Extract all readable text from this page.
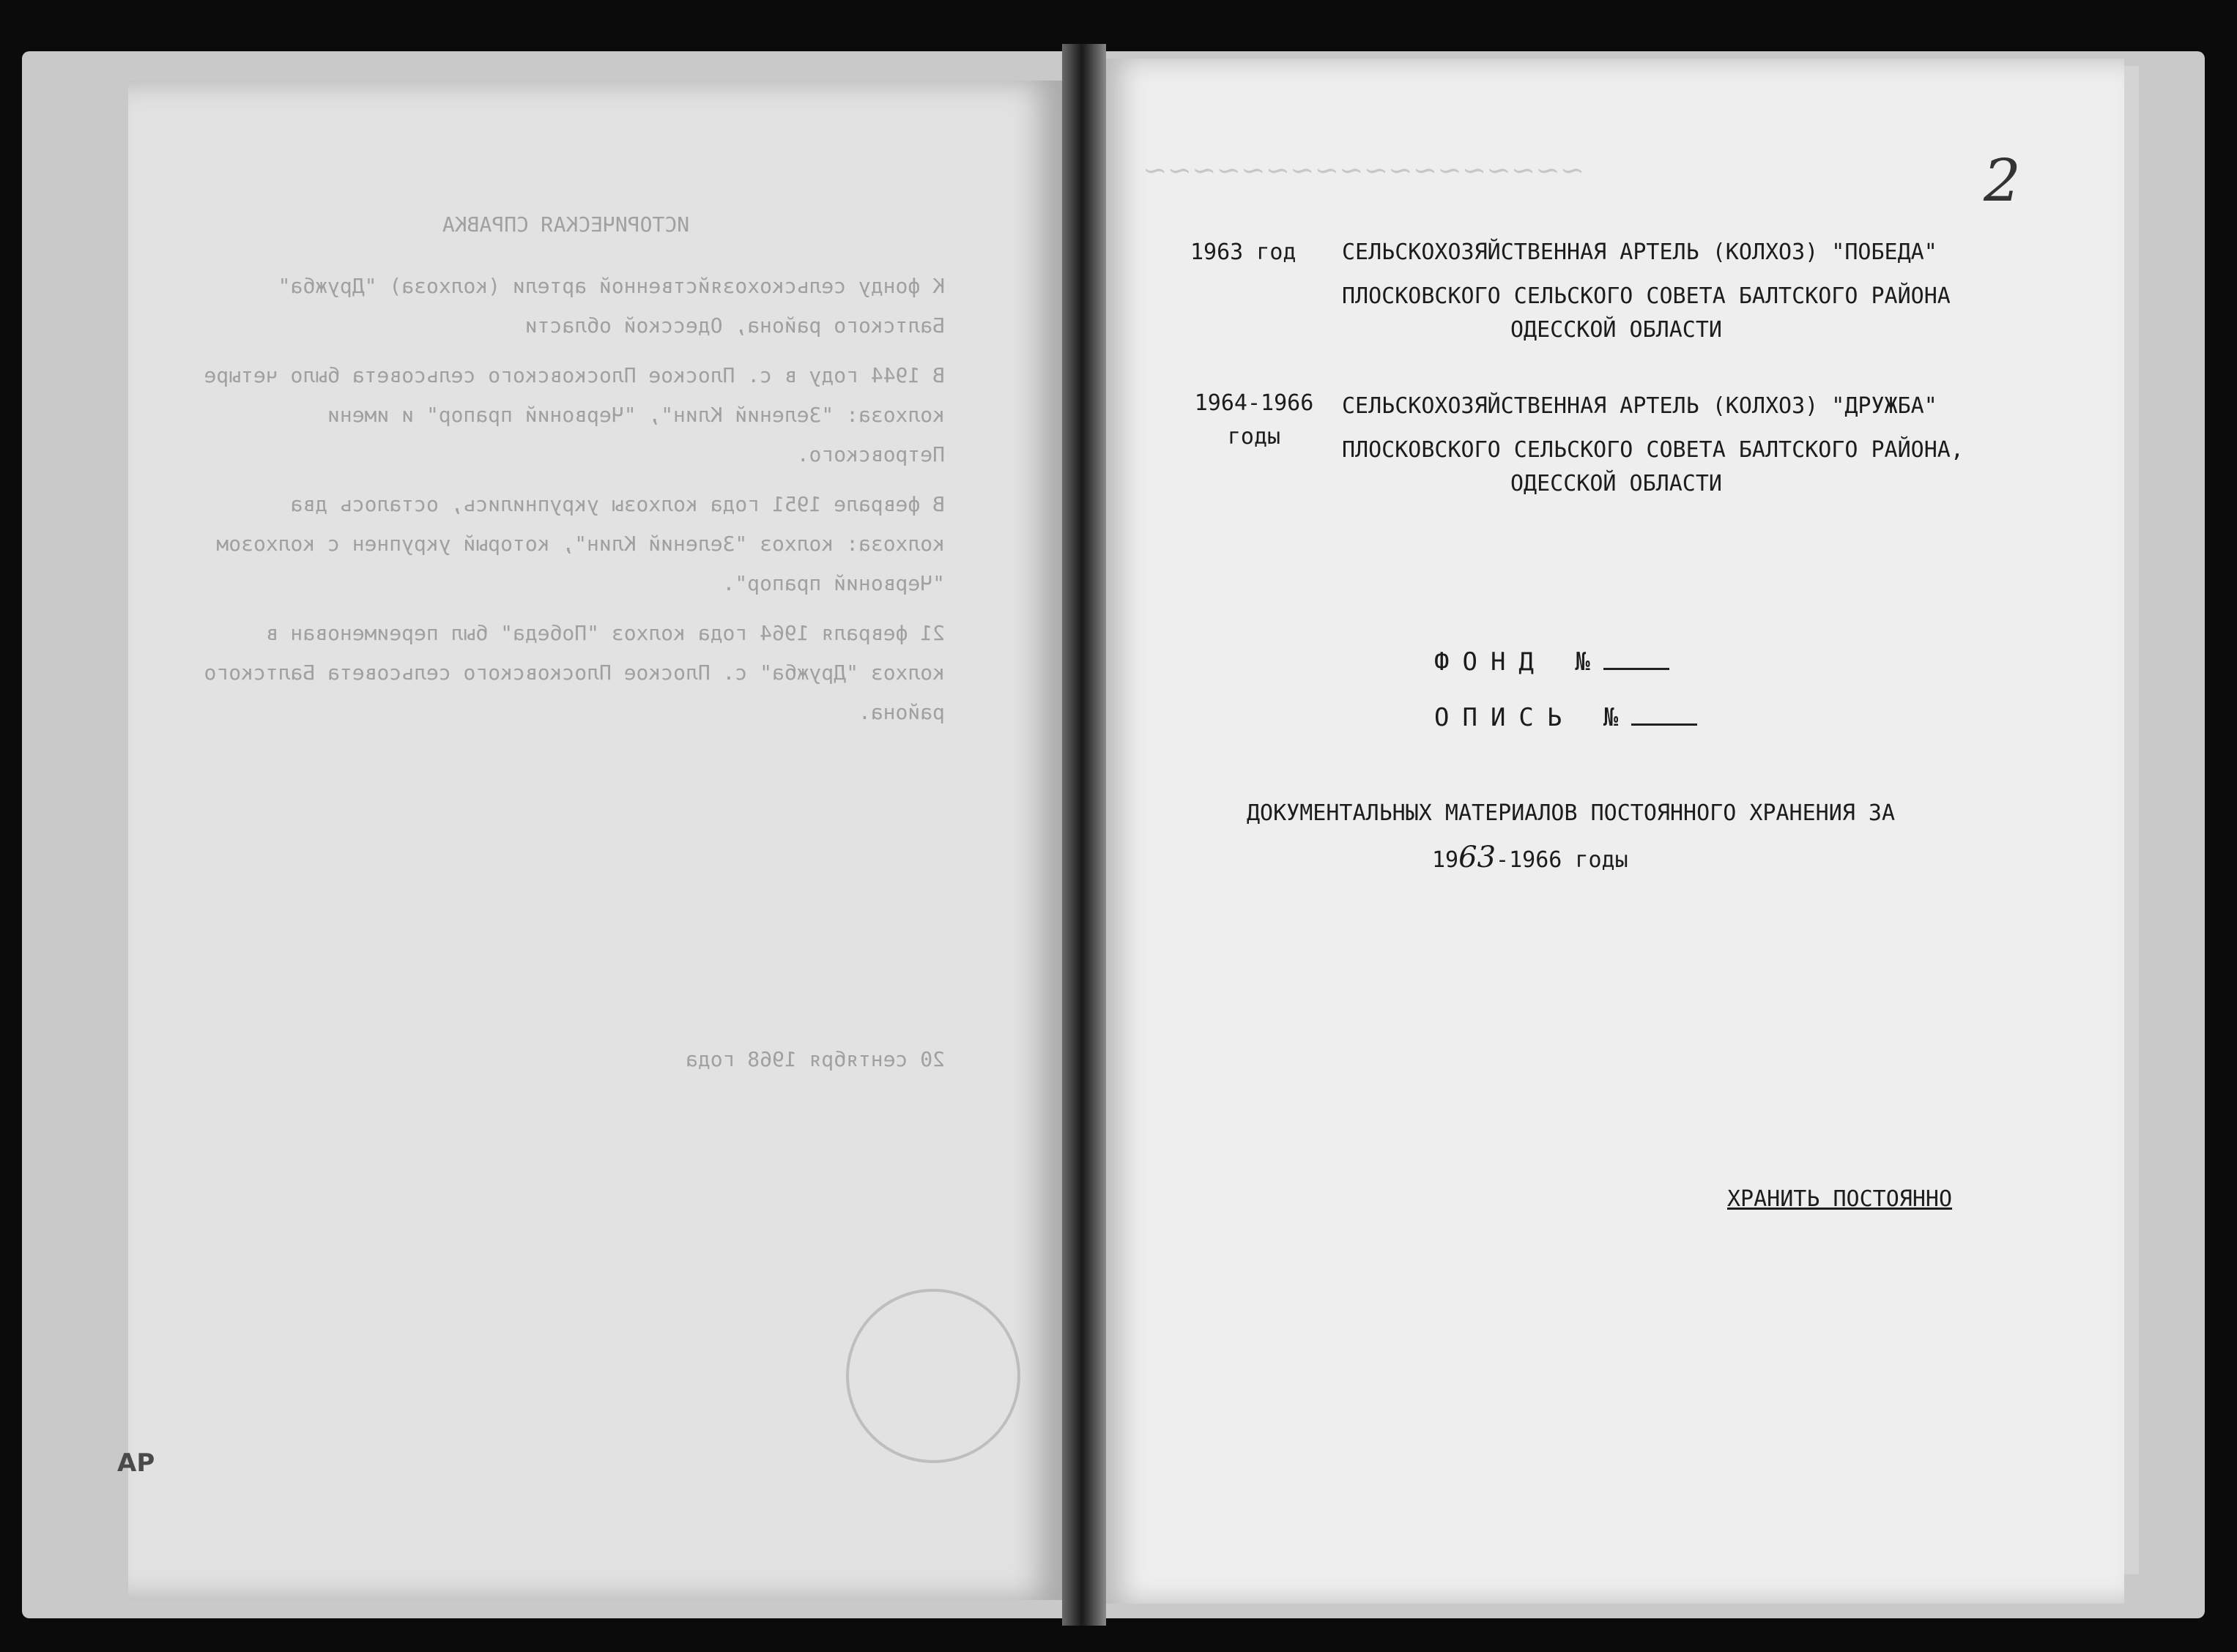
ИСТОРИЧЕСКАЯ СПРАВКА

К фонду сельскохозяйственной артели (колхоза) "Дружба" Балтского района, Одесской области

В 1944 году в с. Плоское Плосковского сельсовета было четыре колхоза: "Зелений Клин", "Червоний прапор" и имени Петровского.

В феврале 1951 года колхозы укрупнились, осталось два колхоза: колхоз "Зелений Клин", который укрупнен с колхозом "Червоний прапор".

21 февраля 1964 года колхоз "Победа" был переименован в колхоз "Дружба" с. Плоское Плосковского сельсовета Балтского района.

20 сентября 1968 года

АР
2
∽∽∽∽∽∽∽∽∽∽∽∽∽∽∽∽∽∽
1963 год СЕЛЬСКОХОЗЯЙСТВЕННАЯ АРТЕЛЬ (КОЛХОЗ) "ПОБЕДА"
ПЛОСКОВСКОГО СЕЛЬСКОГО СОВЕТА БАЛТСКОГО РАЙОНА
ОДЕССКОЙ ОБЛАСТИ
1964-1966
годы
СЕЛЬСКОХОЗЯЙСТВЕННАЯ АРТЕЛЬ (КОЛХОЗ) "ДРУЖБА"
ПЛОСКОВСКОГО СЕЛЬСКОГО СОВЕТА БАЛТСКОГО РАЙОНА,
ОДЕССКОЙ ОБЛАСТИ
ФОНД №
ОПИСЬ №
ДОКУМЕНТАЛЬНЫХ МАТЕРИАЛОВ ПОСТОЯННОГО ХРАНЕНИЯ ЗА
1963-1966 годы
ХРАНИТЬ ПОСТОЯННО
